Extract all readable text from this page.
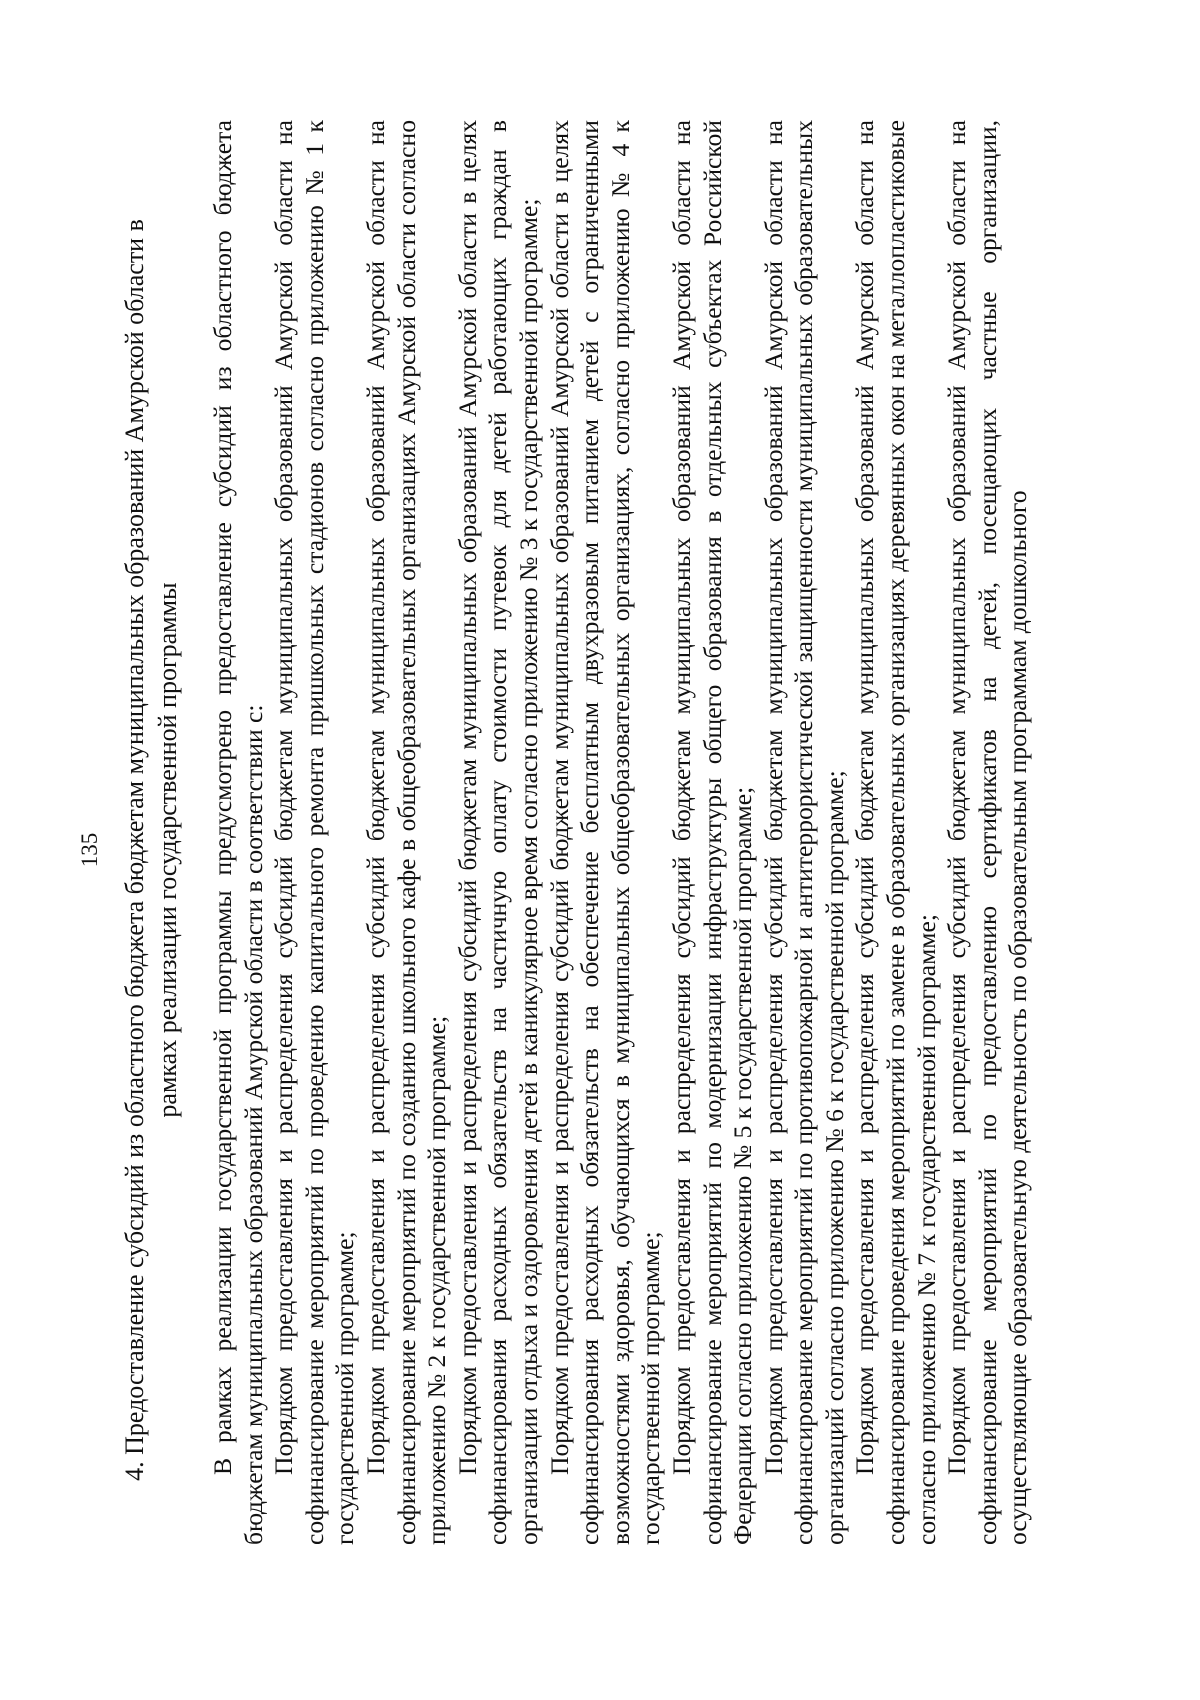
135 4. Предоставление субсидий из областного бюджета бюджетам муниципальных образований Амурской области в рамках реализации государственной программы В рамках реализации государственной программы предусмотрено предоставление субсидий из областного бюджета бюджетам муниципальных образований Амурской области в соответствии с: Порядком предоставления и распределения субсидий бюджетам муниципальных образований Амурской области на софинансирование мероприятий по проведению капитального ремонта пришкольных стадионов согласно приложению № 1 к государственной программе; Порядком предоставления и распределения субсидий бюджетам муниципальных образований Амурской области на софинансирование мероприятий по созданию школьного кафе в общеобразовательных организациях Амурской области согласно приложению № 2 к государственной программе; Порядком предоставления и распределения субсидий бюджетам муниципальных образований Амурской области в целях софинансирования расходных обязательств на частичную оплату стоимости путевок для детей работающих граждан в организации отдыха и оздоровления детей в каникулярное время согласно приложению № 3 к государственной программе; Порядком предоставления и распределения субсидий бюджетам муниципальных образований Амурской области в целях софинансирования расходных обязательств на обеспечение бесплатным двухразовым питанием детей с ограниченными возможностями здоровья, обучающихся в муниципальных общеобразовательных организациях, согласно приложению № 4 к государственной программе; Порядком предоставления и распределения субсидий бюджетам муниципальных образований Амурской области на софинансирование мероприятий по модернизации инфраструктуры общего образования в отдельных субъектах Российской Федерации согласно приложению № 5 к государственной программе; Порядком предоставления и распределения субсидий бюджетам муниципальных образований Амурской области на софинансирование мероприятий по противопожарной и антитеррористической защищенности муниципальных образовательных организаций согласно приложению № 6 к государственной программе; Порядком предоставления и распределения субсидий бюджетам муниципальных образований Амурской области на софинансирование проведения мероприятий по замене в образовательных организациях деревянных окон на металлопластиковые согласно приложению № 7 к государственной программе; Порядком предоставления и распределения субсидий бюджетам муниципальных образований Амурской области на софинансирование мероприятий по предоставлению сертификатов на детей, посещающих частные организации, осуществляющие образовательную деятельность по образовательным программам дошкольного
